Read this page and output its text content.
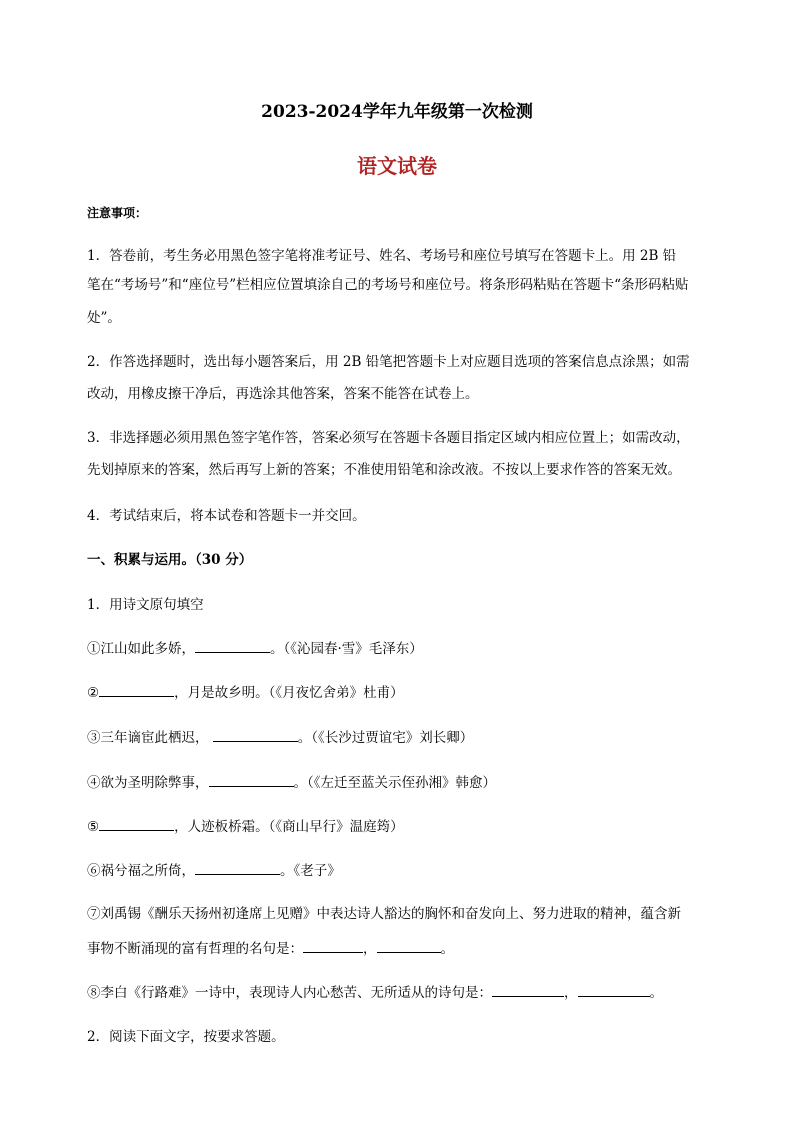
2023-2024学年九年级第一次检测
语文试卷
注意事项：
1．答卷前，考生务必用黑色签字笔将准考证号、姓名、考场号和座位号填写在答题卡上。用 2B 铅
笔在“考场号”和“座位号”栏相应位置填涂自己的考场号和座位号。将条形码粘贴在答题卡“条形码粘贴
处”。
2．作答选择题时，选出每小题答案后，用 2B 铅笔把答题卡上对应题目选项的答案信息点涂黑；如需
改动，用橡皮擦干净后，再选涂其他答案，答案不能答在试卷上。
3．非选择题必须用黑色签字笔作答，答案必须写在答题卡各题目指定区域内相应位置上；如需改动，
先划掉原来的答案，然后再写上新的答案；不准使用铅笔和涂改液。不按以上要求作答的答案无效。
4．考试结束后，将本试卷和答题卡一并交回。
一、积累与运用。（30 分）
1．用诗文原句填空
①江山如此多娇，	。（《沁园春·雪》毛泽东）
②	，月是故乡明。（《月夜忆舍弟》杜甫）
③三年谪宦此栖迟，	。（《长沙过贾谊宅》刘长卿）
④欲为圣明除弊事，	。（《左迁至蓝关示侄孙湘》韩愈）
⑤	，人迹板桥霜。（《商山早行》温庭筠）
⑥祸兮福之所倚，	。《老子》
⑦刘禹锡《酬乐天扬州初逢席上见赠》中表达诗人豁达的胸怀和奋发向上、努力进取的精神，蕴含新
事物不断涌现的富有哲理的名句是：	，	。
⑧李白《行路难》一诗中，表现诗人内心愁苦、无所适从的诗句是：	，	。
2．阅读下面文字，按要求答题。
